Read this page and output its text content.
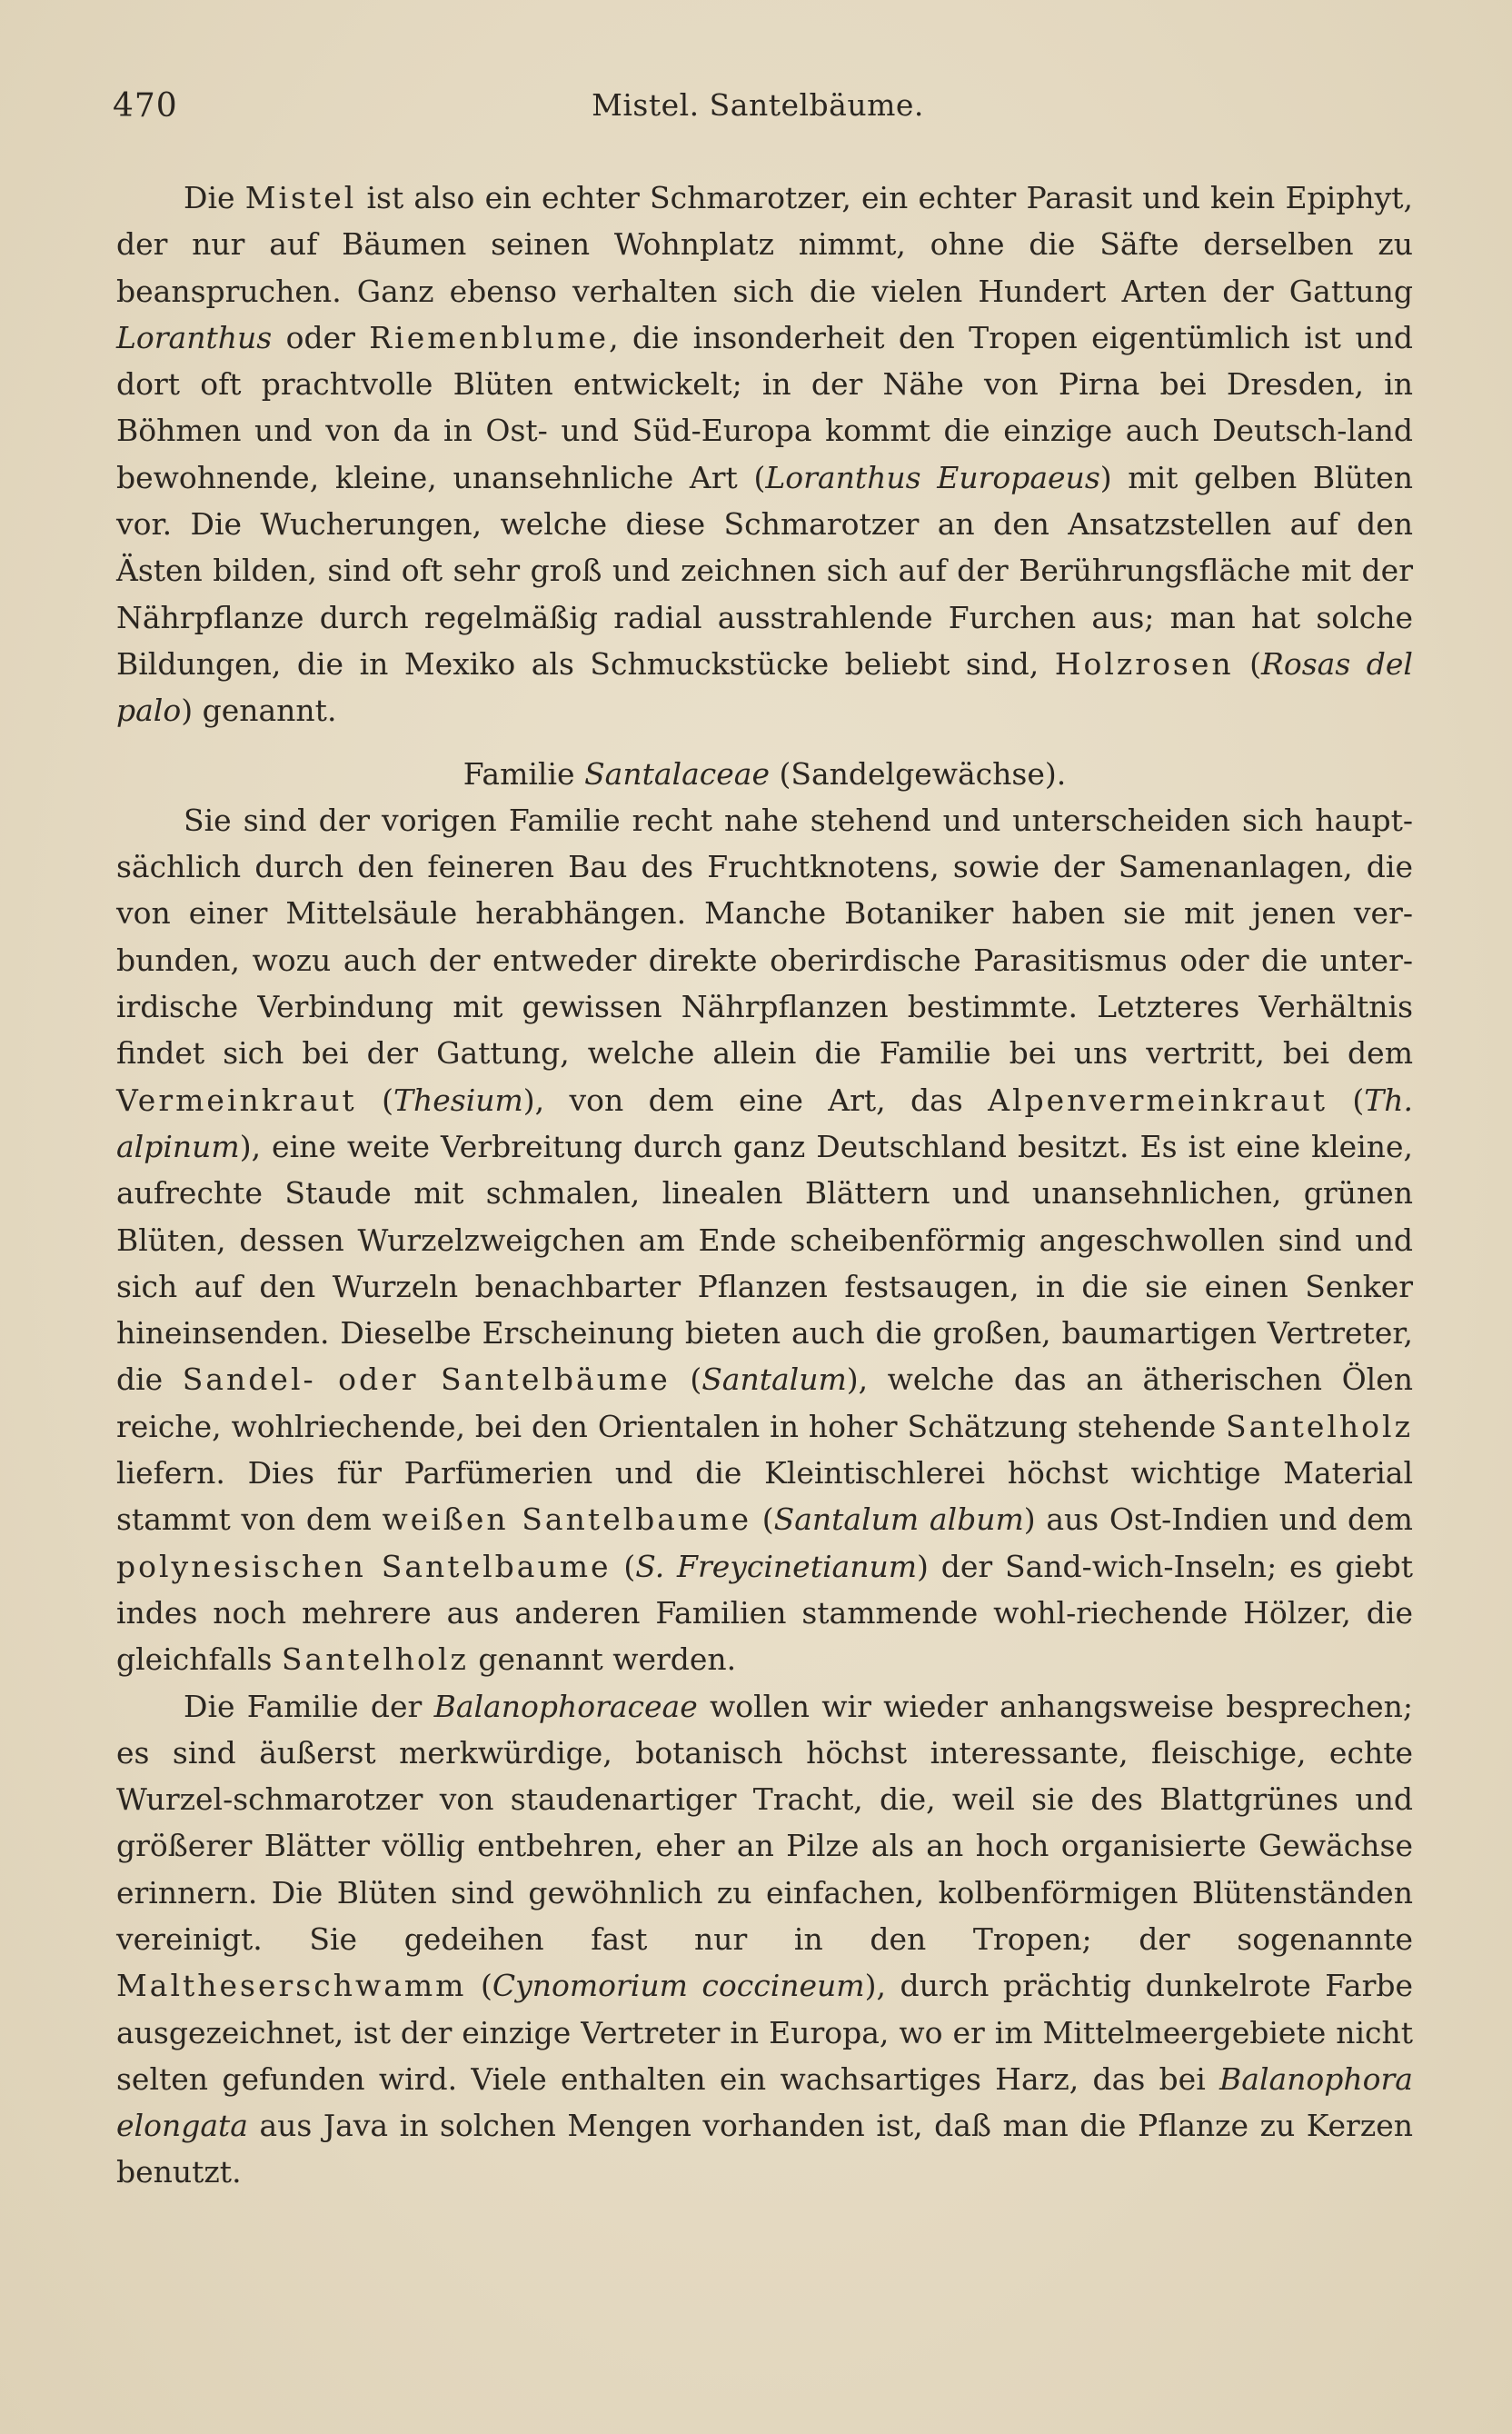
470	Mistel. Santelbäume.

Die Mistel ist also ein echter Schmarotzer, ein echter Parasit und kein Epiphyt, der nur auf Bäumen seinen Wohnplatz nimmt, ohne die Säfte derselben zu beanspruchen. Ganz ebenso verhalten sich die vielen Hundert Arten der Gattung Loranthus oder Riemenblume, die insonderheit den Tropen eigentümlich ist und dort oft prachtvolle Blüten entwickelt; in der Nähe von Pirna bei Dresden, in Böhmen und von da in Ost- und Süd-Europa kommt die einzige auch Deutsch-land bewohnende, kleine, unansehnliche Art (Loranthus Europaeus) mit gelben Blüten vor. Die Wucherungen, welche diese Schmarotzer an den Ansatzstellen auf den Ästen bilden, sind oft sehr groß und zeichnen sich auf der Berührungsfläche mit der Nährpflanze durch regelmäßig radial ausstrahlende Furchen aus; man hat solche Bildungen, die in Mexiko als Schmuckstücke beliebt sind, Holzrosen (Rosas del palo) genannt.

Familie Santalaceae (Sandelgewächse).

Sie sind der vorigen Familie recht nahe stehend und unterscheiden sich haupt-sächlich durch den feineren Bau des Fruchtknotens, sowie der Samenanlagen, die von einer Mittelsäule herabhängen. Manche Botaniker haben sie mit jenen ver-bunden, wozu auch der entweder direkte oberirdische Parasitismus oder die unter-irdische Verbindung mit gewissen Nährpflanzen bestimmte. Letzteres Verhältnis findet sich bei der Gattung, welche allein die Familie bei uns vertritt, bei dem Vermeinkraut (Thesium), von dem eine Art, das Alpenvermeinkraut (Th. alpinum), eine weite Verbreitung durch ganz Deutschland besitzt. Es ist eine kleine, aufrechte Staude mit schmalen, linealen Blättern und unansehnlichen, grünen Blüten, dessen Wurzelzweigchen am Ende scheibenförmig angeschwollen sind und sich auf den Wurzeln benachbarter Pflanzen festsaugen, in die sie einen Senker hineinsenden. Dieselbe Erscheinung bieten auch die großen, baumartigen Vertreter, die Sandel- oder Santelbäume (Santalum), welche das an ätherischen Ölen reiche, wohlriechende, bei den Orientalen in hoher Schätzung stehende Santelholz liefern. Dies für Parfümerien und die Kleintischlerei höchst wichtige Material stammt von dem weißen Santelbaume (Santalum album) aus Ost-Indien und dem polynesischen Santelbaume (S. Freycinetianum) der Sand-wich-Inseln; es giebt indes noch mehrere aus anderen Familien stammende wohl-riechende Hölzer, die gleichfalls Santelholz genannt werden.

Die Familie der Balanophoraceae wollen wir wieder anhangsweise besprechen; es sind äußerst merkwürdige, botanisch höchst interessante, fleischige, echte Wurzel-schmarotzer von staudenartiger Tracht, die, weil sie des Blattgrünes und größerer Blätter völlig entbehren, eher an Pilze als an hoch organisierte Gewächse erinnern. Die Blüten sind gewöhnlich zu einfachen, kolbenförmigen Blütenständen vereinigt. Sie gedeihen fast nur in den Tropen; der sogenannte Maltheserschwamm (Cynomorium coccineum), durch prächtig dunkelrote Farbe ausgezeichnet, ist der einzige Vertreter in Europa, wo er im Mittelmeergebiete nicht selten gefunden wird. Viele enthalten ein wachsartiges Harz, das bei Balanophora elongata aus Java in solchen Mengen vorhanden ist, daß man die Pflanze zu Kerzen benutzt.
